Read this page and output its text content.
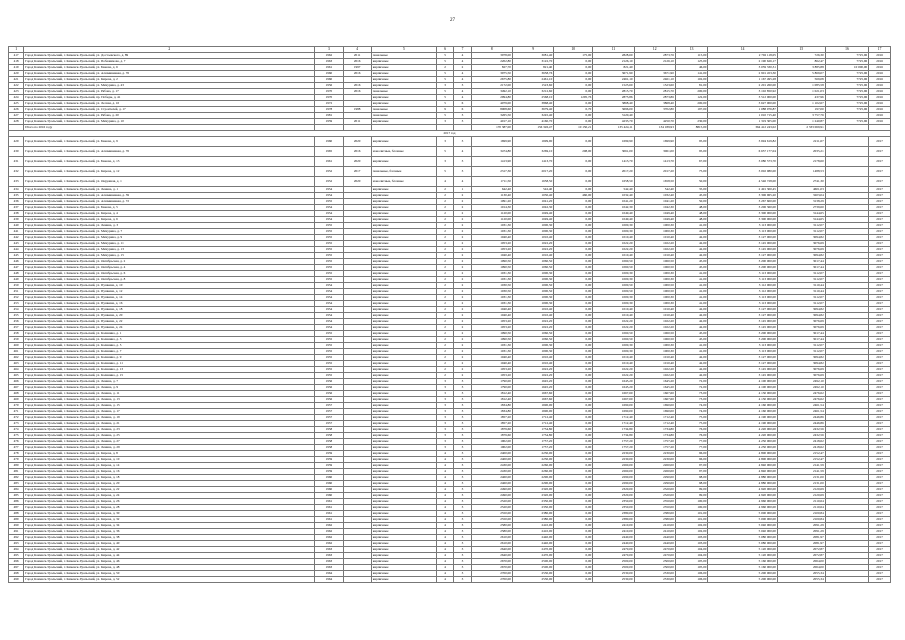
27
1	2	3	4	5	6	7	8	9	10	11	12	13	14	15	16	17
417	Город Каменск-Уральский, г. Каменск-Уральский, ул. Достоевского, д. 89	1962	2011	панельные	5	4	3978,00	3081,40	175,00	2828,60	2873,76	115,00	2 792 118,05	726,30	7725,96	2016
418	Город Каменск-Уральский, г. Каменск-Уральский, ул. Побежимова, д. 7	1963	2016	кирпичные	5	4	2202,80	3122,70	0,00	2126,10	2126,10	125,00	2 190 626,17	862,47	7725,96	2016
419	Город Каменск-Уральский, г. Каменск-Уральский, ул. Бажова, д. 6	1961	1997	кирпичные	2	2	827,70	821,40	0,00	821,40		46,00	3 059 330,31	3 885,88	10 000,00	2016
420	Город Каменск-Уральский, г. Каменск-Уральский, ул. Алюминиевая, д. 76	1960	2016	кирпичные	5	4	3975,50	3658,76	0,00	3671,90	3671,90	141,00	2 901 453,30	5 869,07	7725,96	2016
421	Город Каменск-Уральский, г. Каменск-Уральский, ул. Кирова, д. 2	1960		кирпичные	5	4	2675,80	2461,10	0,00	2461,10	2461,10	102,00	1 167 495,28	569,08	7725,96	2016
422	Город Каменск-Уральский, г. Каменск-Уральский, ул. Мичурина, д. 43	1956	2016	кирпичные	3	3	2172,00	1523,60	0,00	1523,60	1523,60	81,00	2 201 260,00	1 085,58	7725,96	2016
423	Город Каменск-Уральский, г. Каменск-Уральский, ул. Рябова, д. 17	1970	2016	панельные	5	4	3492,10	3212,60	0,00	2815,70	2815,70	200,00	3 102 850,92	1 021,03	7725,96	2016
424	Город Каменск-Уральский, г. Каменск-Уральский, пр. Победы, д. 41	1970		кирпичные	5	4	2994,80	2568,10	1295,76	2873,86	2873,86	122,00	3 512 000,00	437,96	7725,96	2016
425	Город Каменск-Уральский, г. Каменск-Уральский, ул. Лесная, д. 10	1972		кирпичные	5	6	4079,00	3868,40	0,00	3868,40	3868,40	200,00	3 627 000,00	1 102,67	7725,96	2016
426	Город Каменск-Уральский, г. Каменск-Уральский, ул. Строителей, д. 17	1978	1988	панельные	9	6	8008,60	3679,40	0,70	3696,00	3702,80	197,00	1 088 076,87	197,00	7725,96	2016
427	Город Каменск-Уральский, г. Каменск-Уральский, ул. Рябова, д. 20	1981		панельные	5	3	3265,50	3245,40	0,00	3120,40			1 010 715,40	3 757,76		2016
428	Город Каменск-Уральский, г. Каменск-Уральский, ул. Мичурина, д. 10	1959	2011	кирпичные	3	3	4017,10	4160,70	0,00	4233,70	4250,70	230,00	1 319 305,00	1 240,87	7725,96	2016
	Итого по 2016 году						170 387,00	156 326,47	10 150,21	135 424,11	134 189,93	8815,00	364 412 243,02	2 333 069,91		
2017 год																
429	Город Каменск-Уральский, г. Каменск-Уральский, ул. Бажова, д. 9	1960	2020	кирпичные	3	3	1699,90	1699,90	0,00	1699,90	1699,90	95,00	3 694 619,82	2211,67		2017
430	Город Каменск-Уральский, г. Каменск-Уральский, ул. Алюминиевая, д. 76	1965	2016	монолитные, блочные	5	4	3474,80	3269,10	208,00	3061,00	3061,00	95,00	6 657 177,04	2035,21		2017
431	Город Каменск-Уральский, г. Каменск-Уральский, ул. Бажова, д. 13	1961	2020	кирпичные	3	3	1413,90	1413,70	0,00	1413,70	1413,70	67,00	3 080 573,70	2178,60		2017
432	Город Каменск-Уральский, г. Каменск-Уральский, ул. Кирова, д. 12	1952	2017	панельные, блочные	5	3	2317,30	2017,20	0,00	2017,20	2017,20	75,00	3 002 980,00	1488,53		2017
433	Город Каменск-Уральский, г. Каменск-Уральский, ул. Окружная, д. 1	1952	2020	монолитные, блочные	4	4	1711,50	1658,50	0,00	1658,50	1658,50	50,00	4 546 728,00	2741,30		2017
434	Город Каменск-Уральский, г. Каменск-Уральский, ул. Ленина, д. 1	1954		кирпичные	2	1	642,40	542,40	0,00	542,40	542,40	35,00	2 491 300,45	4601,03		2017
435	Город Каменск-Уральский, г. Каменск-Уральский, ул. Алюминиевая, д. 39	1954		кирпичные	2	2	1130,40	1030,40	460,00	1032,40	1032,40	45,00	3 306 965,20	3203,04		2017
436	Город Каменск-Уральский, г. Каменск-Уральский, ул. Алюминиевая, д. 72	1955		кирпичные	2	2	1091,20	1041,20	0,00	1041,20	1041,20	50,00	3 267 600,00	3138,29		2017
437	Город Каменск-Уральский, г. Каменск-Уральский, ул. Бажова, д. 5	1954		кирпичные	2	2	1014,30	1042,30	0,00	1042,30	1042,30	48,00	3 206 360,00	2739,60		2017
438	Город Каменск-Уральский, г. Каменск-Уральский, ул. Кирова, д. 4	1954		кирпичные	2	2	1120,00	1049,40	0,00	1049,40	1049,40	48,00	3 300 000,00	3144,65		2017
439	Город Каменск-Уральский, г. Каменск-Уральский, ул. Кирова, д. 6	1954		кирпичные	2	2	1120,00	1049,40	0,00	1049,40	1049,40	48,00	3 300 000,00	3144,65		2017
440	Город Каменск-Уральский, г. Каменск-Уральский, ул. Ленина, д. 3	1955		кирпичные	2	2	1031,30	1000,30	0,00	1000,30	1000,30	41,00	3 113 000,00	3112,07		2017
441	Город Каменск-Уральский, г. Каменск-Уральский, ул. Мичурина, д. 7	1955		кирпичные	2	2	1031,30	1000,30	0,00	1000,30	1000,30	41,00	3 113 000,00	3112,07		2017
442	Город Каменск-Уральский, г. Каменск-Уральский, ул. Мичурина, д. 9	1955		кирпичные	2	2	1040,40	1010,40	0,00	1010,40	1010,40	42,00	3 127 000,00	3094,82		2017
443	Город Каменск-Уральский, г. Каменск-Уральский, ул. Мичурина, д. 11	1955		кирпичные	2	2	1053,20	1022,20	0,00	1022,20	1022,20	42,00	3 145 000,00	3076,69		2017
444	Город Каменск-Уральский, г. Каменск-Уральский, ул. Мичурина, д. 13	1955		кирпичные	2	2	1053,20	1022,20	0,00	1022,20	1022,20	42,00	3 145 000,00	3076,69		2017
445	Город Каменск-Уральский, г. Каменск-Уральский, ул. Мичурина, д. 15	1955		кирпичные	2	2	1040,40	1010,40	0,00	1010,40	1010,40	42,00	3 127 000,00	3094,82		2017
446	Город Каменск-Уральский, г. Каменск-Уральский, ул. Октябрьская, д. 2	1955		кирпичные	2	2	1090,50	1060,50	0,00	1060,50	1060,50	45,00	3 200 000,00	3017,44		2017
447	Город Каменск-Уральский, г. Каменск-Уральский, ул. Октябрьская, д. 4	1955		кирпичные	2	2	1090,50	1060,50	0,00	1060,50	1060,50	45,00	3 200 000,00	3017,44		2017
448	Город Каменск-Уральский, г. Каменск-Уральский, ул. Октябрьская, д. 6	1955		кирпичные	2	2	1031,30	1000,30	0,00	1000,30	1000,30	41,00	3 113 000,00	3112,07		2017
449	Город Каменск-Уральский, г. Каменск-Уральский, ул. Октябрьская, д. 8	1955		кирпичные	2	2	1031,30	1000,30	0,00	1000,30	1000,30	41,00	3 113 000,00	3112,07		2017
450	Город Каменск-Уральский, г. Каменск-Уральский, ул. Пушкина, д. 10	1954		кирпичные	2	2	1030,50	1000,50	0,00	1000,50	1000,50	41,00	3 112 000,00	3110,44		2017
451	Город Каменск-Уральский, г. Каменск-Уральский, ул. Пушкина, д. 12	1954		кирпичные	2	2	1030,50	1000,50	0,00	1000,50	1000,50	41,00	3 112 000,00	3110,44		2017
452	Город Каменск-Уральский, г. Каменск-Уральский, ул. Пушкина, д. 14	1954		кирпичные	2	2	1031,30	1000,30	0,00	1000,30	1000,30	41,00	3 113 000,00	3112,07		2017
453	Город Каменск-Уральский, г. Каменск-Уральский, ул. Пушкина, д. 16	1954		кирпичные	2	2	1031,30	1000,30	0,00	1000,30	1000,30	41,00	3 113 000,00	3112,07		2017
454	Город Каменск-Уральский, г. Каменск-Уральский, ул. Пушкина, д. 18	1954		кирпичные	2	2	1040,40	1010,40	0,00	1010,40	1010,40	42,00	3 127 000,00	3094,82		2017
455	Город Каменск-Уральский, г. Каменск-Уральский, ул. Пушкина, д. 20	1954		кирпичные	2	2	1040,40	1010,40	0,00	1010,40	1010,40	42,00	3 127 000,00	3094,82		2017
456	Город Каменск-Уральский, г. Каменск-Уральский, ул. Пушкина, д. 22	1954		кирпичные	2	2	1053,20	1022,20	0,00	1022,20	1022,20	42,00	3 145 000,00	3076,69		2017
457	Город Каменск-Уральский, г. Каменск-Уральский, ул. Пушкина, д. 24	1954		кирпичные	2	2	1053,20	1022,20	0,00	1022,20	1022,20	42,00	3 145 000,00	3076,69		2017
458	Город Каменск-Уральский, г. Каменск-Уральский, ул. Калинина, д. 1	1955		кирпичные	2	2	1090,50	1060,50	0,00	1060,50	1060,50	45,00	3 200 000,00	3017,44		2017
459	Город Каменск-Уральский, г. Каменск-Уральский, ул. Калинина, д. 3	1955		кирпичные	2	2	1090,50	1060,50	0,00	1060,50	1060,50	45,00	3 200 000,00	3017,44		2017
460	Город Каменск-Уральский, г. Каменск-Уральский, ул. Калинина, д. 5	1955		кирпичные	2	2	1031,30	1000,30	0,00	1000,30	1000,30	41,00	3 113 000,00	3112,07		2017
461	Город Каменск-Уральский, г. Каменск-Уральский, ул. Калинина, д. 7	1955		кирпичные	2	2	1031,30	1000,30	0,00	1000,30	1000,30	41,00	3 113 000,00	3112,07		2017
462	Город Каменск-Уральский, г. Каменск-Уральский, ул. Калинина, д. 9	1955		кирпичные	2	2	1040,40	1010,40	0,00	1010,40	1010,40	42,00	3 127 000,00	3094,82		2017
463	Город Каменск-Уральский, г. Каменск-Уральский, ул. Калинина, д. 11	1955		кирпичные	2	2	1040,40	1010,40	0,00	1010,40	1010,40	42,00	3 127 000,00	3094,82		2017
464	Город Каменск-Уральский, г. Каменск-Уральский, ул. Калинина, д. 13	1955		кирпичные	2	2	1053,20	1022,20	0,00	1022,20	1022,20	42,00	3 145 000,00	3076,69		2017
465	Город Каменск-Уральский, г. Каменск-Уральский, ул. Калинина, д. 15	1955		кирпичные	2	2	1053,20	1022,20	0,00	1022,20	1022,20	42,00	3 145 000,00	3076,69		2017
466	Город Каменск-Уральский, г. Каменск-Уральский, ул. Ленина, д. 7	1956		кирпичные	3	3	1790,00	1645,20	0,00	1645,20	1645,20	72,00	4 100 000,00	2492,10		2017
467	Город Каменск-Уральский, г. Каменск-Уральский, ул. Ленина, д. 9	1956		кирпичные	3	3	1790,00	1645,20	0,00	1645,20	1645,20	72,00	4 100 000,00	2492,10		2017
468	Город Каменск-Уральский, г. Каменск-Уральский, ул. Ленина, д. 11	1956		кирпичные	3	3	1812,40	1667,60	0,00	1667,60	1667,60	73,00	4 130 000,00	2476,62		2017
469	Город Каменск-Уральский, г. Каменск-Уральский, ул. Ленина, д. 13	1956		кирпичные	3	3	1812,40	1667,60	0,00	1667,60	1667,60	73,00	4 130 000,00	2476,62		2017
470	Город Каменск-Уральский, г. Каменск-Уральский, ул. Ленина, д. 15	1957		кирпичные	3	3	1834,80	1690,00	0,00	1690,00	1690,00	74,00	4 160 000,00	2461,54		2017
471	Город Каменск-Уральский, г. Каменск-Уральский, ул. Ленина, д. 17	1957		кирпичные	3	3	1834,80	1690,00	0,00	1690,00	1690,00	74,00	4 160 000,00	2461,54		2017
472	Город Каменск-Уральский, г. Каменск-Уральский, ул. Ленина, д. 19	1957		кирпичные	3	3	1857,20	1712,40	0,00	1712,40	1712,40	75,00	4 190 000,00	2446,86		2017
473	Город Каменск-Уральский, г. Каменск-Уральский, ул. Ленина, д. 21	1957		кирпичные	3	3	1857,20	1712,40	0,00	1712,40	1712,40	75,00	4 190 000,00	2446,86		2017
474	Город Каменск-Уральский, г. Каменск-Уральский, ул. Ленина, д. 23	1958		кирпичные	3	3	1879,60	1734,80	0,00	1734,80	1734,80	76,00	4 220 000,00	2432,56		2017
475	Город Каменск-Уральский, г. Каменск-Уральский, ул. Ленина, д. 25	1958		кирпичные	3	3	1879,60	1734,80	0,00	1734,80	1734,80	76,00	4 220 000,00	2432,56		2017
476	Город Каменск-Уральский, г. Каменск-Уральский, ул. Ленина, д. 27	1958		кирпичные	3	3	1902,00	1757,20	0,00	1757,20	1757,20	77,00	4 250 000,00	2418,62		2017
477	Город Каменск-Уральский, г. Каменск-Уральский, ул. Ленина, д. 29	1958		кирпичные	3	3	1902,00	1757,20	0,00	1757,20	1757,20	77,00	4 250 000,00	2418,62		2017
478	Город Каменск-Уральский, г. Каменск-Уральский, ул. Кирова, д. 8	1959		кирпичные	4	3	2400,00	2230,00	0,00	2230,00	2230,00	96,00	4 800 000,00	2152,47		2017
479	Город Каменск-Уральский, г. Каменск-Уральский, ул. Кирова, д. 10	1959		кирпичные	4	3	2400,00	2230,00	0,00	2230,00	2230,00	96,00	4 800 000,00	2152,47		2017
480	Город Каменск-Уральский, г. Каменск-Уральский, ул. Кирова, д. 14	1959		кирпичные	4	3	2430,00	2260,00	0,00	2260,00	2260,00	97,00	4 840 000,00	2141,59		2017
481	Город Каменск-Уральский, г. Каменск-Уральский, ул. Кирова, д. 16	1959		кирпичные	4	3	2430,00	2260,00	0,00	2260,00	2260,00	97,00	4 840 000,00	2141,59		2017
482	Город Каменск-Уральский, г. Каменск-Уральский, ул. Кирова, д. 18	1960		кирпичные	4	3	2460,00	2290,00	0,00	2290,00	2290,00	98,00	4 880 000,00	2131,00		2017
483	Город Каменск-Уральский, г. Каменск-Уральский, ул. Кирова, д. 20	1960		кирпичные	4	3	2460,00	2290,00	0,00	2290,00	2290,00	98,00	4 880 000,00	2131,00		2017
484	Город Каменск-Уральский, г. Каменск-Уральский, ул. Кирова, д. 22	1960		кирпичные	4	3	2490,00	2320,00	0,00	2320,00	2320,00	99,00	4 920 000,00	2120,69		2017
485	Город Каменск-Уральский, г. Каменск-Уральский, ул. Кирова, д. 24	1960		кирпичные	4	3	2490,00	2320,00	0,00	2320,00	2320,00	99,00	4 920 000,00	2120,69		2017
486	Город Каменск-Уральский, г. Каменск-Уральский, ул. Кирова, д. 26	1961		кирпичные	4	3	2520,00	2350,00	0,00	2350,00	2350,00	100,00	4 960 000,00	2110,64		2017
487	Город Каменск-Уральский, г. Каменск-Уральский, ул. Кирова, д. 28	1961		кирпичные	4	3	2520,00	2350,00	0,00	2350,00	2350,00	100,00	4 960 000,00	2110,64		2017
488	Город Каменск-Уральский, г. Каменск-Уральский, ул. Кирова, д. 30	1961		кирпичные	4	3	2550,00	2380,00	0,00	2380,00	2380,00	101,00	5 000 000,00	2100,84		2017
489	Город Каменск-Уральский, г. Каменск-Уральский, ул. Кирова, д. 32	1961		кирпичные	4	3	2550,00	2380,00	0,00	2380,00	2380,00	101,00	5 000 000,00	2100,84		2017
490	Город Каменск-Уральский, г. Каменск-Уральский, ул. Кирова, д. 34	1962		кирпичные	4	3	2580,00	2410,00	0,00	2410,00	2410,00	102,00	5 040 000,00	2091,29		2017
491	Город Каменск-Уральский, г. Каменск-Уральский, ул. Кирова, д. 36	1962		кирпичные	4	3	2580,00	2410,00	0,00	2410,00	2410,00	102,00	5 040 000,00	2091,29		2017
492	Город Каменск-Уральский, г. Каменск-Уральский, ул. Кирова, д. 38	1962		кирпичные	4	3	2610,00	2440,00	0,00	2440,00	2440,00	103,00	5 080 000,00	2081,97		2017
493	Город Каменск-Уральский, г. Каменск-Уральский, ул. Кирова, д. 40	1962		кирпичные	4	3	2610,00	2440,00	0,00	2440,00	2440,00	103,00	5 080 000,00	2081,97		2017
494	Город Каменск-Уральский, г. Каменск-Уральский, ул. Кирова, д. 42	1963		кирпичные	4	3	2640,00	2470,00	0,00	2470,00	2470,00	104,00	5 120 000,00	2072,87		2017
495	Город Каменск-Уральский, г. Каменск-Уральский, ул. Кирова, д. 44	1963		кирпичные	4	3	2640,00	2470,00	0,00	2470,00	2470,00	104,00	5 120 000,00	2072,87		2017
496	Город Каменск-Уральский, г. Каменск-Уральский, ул. Кирова, д. 46	1963		кирпичные	4	3	2670,00	2500,00	0,00	2500,00	2500,00	105,00	5 160 000,00	2064,00		2017
497	Город Каменск-Уральский, г. Каменск-Уральский, ул. Кирова, д. 48	1963		кирпичные	4	3	2670,00	2500,00	0,00	2500,00	2500,00	105,00	5 160 000,00	2064,00		2017
498	Город Каменск-Уральский, г. Каменск-Уральский, ул. Кирова, д. 50	1964		кирпичные	4	3	2700,00	2530,00	0,00	2530,00	2530,00	106,00	5 200 000,00	2055,34		2017
499	Город Каменск-Уральский, г. Каменск-Уральский, ул. Кирова, д. 52	1964		кирпичные	4	3	2700,00	2530,00	0,00	2530,00	2530,00	106,00	5 200 000,00	2055,34		2017
